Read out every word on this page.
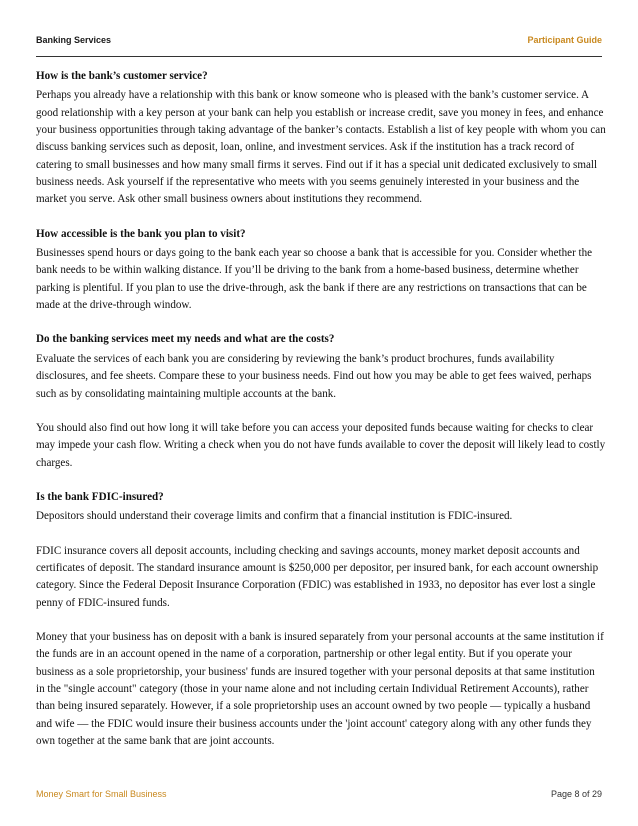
Banking Services	Participant Guide
How is the bank’s customer service?

Perhaps you already have a relationship with this bank or know someone who is pleased with the bank’s customer service. A good relationship with a key person at your bank can help you establish or increase credit, save you money in fees, and enhance your business opportunities through taking advantage of the banker’s contacts. Establish a list of key people with whom you can discuss banking services such as deposit, loan, online, and investment services. Ask if the institution has a track record of catering to small businesses and how many small firms it serves. Find out if it has a special unit dedicated exclusively to small business needs. Ask yourself if the representative who meets with you seems genuinely interested in your business and the market you serve. Ask other small business owners about institutions they recommend.

How accessible is the bank you plan to visit?

Businesses spend hours or days going to the bank each year so choose a bank that is accessible for you. Consider whether the bank needs to be within walking distance. If you’ll be driving to the bank from a home-based business, determine whether parking is plentiful. If you plan to use the drive-through, ask the bank if there are any restrictions on transactions that can be made at the drive-through window.

Do the banking services meet my needs and what are the costs?

Evaluate the services of each bank you are considering by reviewing the bank’s product brochures, funds availability disclosures, and fee sheets. Compare these to your business needs. Find out how you may be able to get fees waived, perhaps such as by consolidating maintaining multiple accounts at the bank.

You should also find out how long it will take before you can access your deposited funds because waiting for checks to clear may impede your cash flow. Writing a check when you do not have funds available to cover the deposit will likely lead to costly charges.

Is the bank FDIC-insured?

Depositors should understand their coverage limits and confirm that a financial institution is FDIC-insured.

FDIC insurance covers all deposit accounts, including checking and savings accounts, money market deposit accounts and certificates of deposit. The standard insurance amount is $250,000 per depositor, per insured bank, for each account ownership category. Since the Federal Deposit Insurance Corporation (FDIC) was established in 1933, no depositor has ever lost a single penny of FDIC-insured funds.

Money that your business has on deposit with a bank is insured separately from your personal accounts at the same institution if the funds are in an account opened in the name of a corporation, partnership or other legal entity. But if you operate your business as a sole proprietorship, your business' funds are insured together with your personal deposits at that same institution in the "single account" category (those in your name alone and not including certain Individual Retirement Accounts), rather than being insured separately. However, if a sole proprietorship uses an account owned by two people — typically a husband and wife — the FDIC would insure their business accounts under the 'joint account' category along with any other funds they own together at the same bank that are joint accounts.

Money Smart for Small Business	Page 8 of 29
